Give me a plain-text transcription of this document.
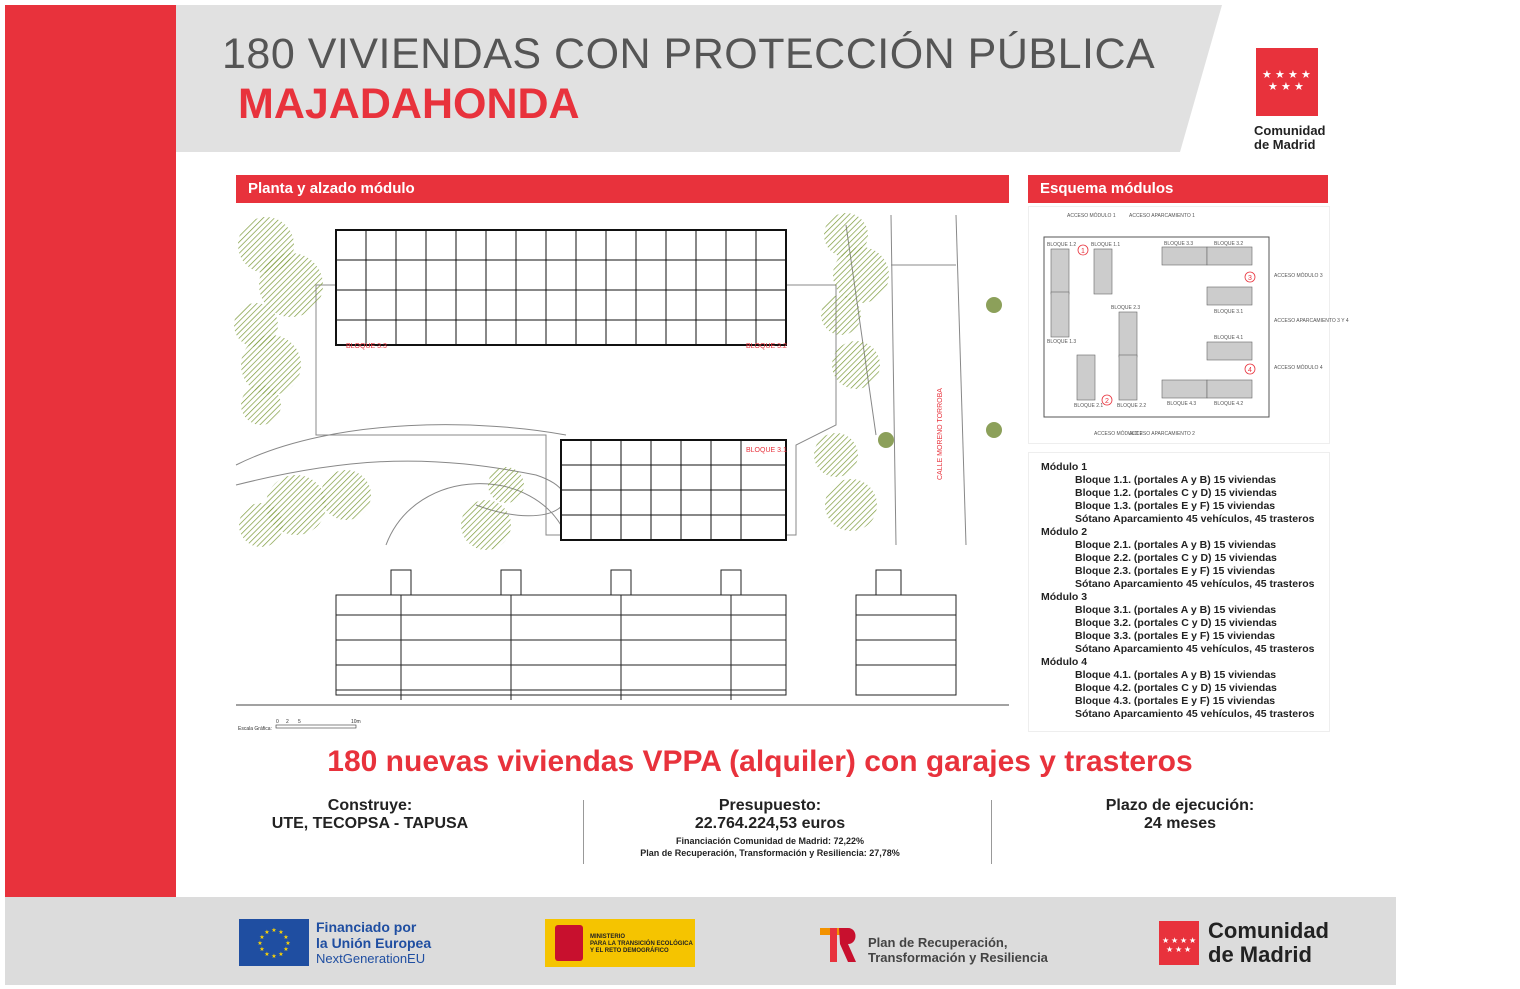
180 VIVIENDAS CON PROTECCIÓN PÚBLICA
MAJADAHONDA
★ ★ ★ ★
★ ★ ★
Comunidad
de Madrid
Planta y alzado módulo	Esquema módulos
BLOQUE 3.3	BLOQUE 3.2
BLOQUE 3.1	CALLE MORENO TORROBA
Escala Gráfica:
0 2 5	10m
BLOQUE 1.2	BLOQUE 1.1
BLOQUE 1.3
BLOQUE 2.3
BLOQUE 2.1	BLOQUE 2.2
BLOQUE 3.3	BLOQUE 3.2
BLOQUE 3.1
BLOQUE 4.1
BLOQUE 4.3	BLOQUE 4.2
ACCESO MÓDULO 1	ACCESO APARCAMIENTO 1
ACCESO MÓDULO 3
ACCESO APARCAMIENTO 3 Y 4
ACCESO MÓDULO 4
ACCESO MÓDULO 2
ACCESO APARCAMIENTO 2
1
2
3
4
Módulo 1
Bloque 1.1. (portales A y B) 15 viviendas
Bloque 1.2. (portales C y D) 15 viviendas
Bloque 1.3. (portales E y F) 15 viviendas
Sótano Aparcamiento 45 vehículos, 45 trasteros
Módulo 2
Bloque 2.1. (portales A y B) 15 viviendas
Bloque 2.2. (portales C y D) 15 viviendas
Bloque 2.3. (portales E y F) 15 viviendas
Sótano Aparcamiento 45 vehículos, 45 trasteros
Módulo 3
Bloque 3.1. (portales A y B) 15 viviendas
Bloque 3.2. (portales C y D) 15 viviendas
Bloque 3.3. (portales E y F) 15 viviendas
Sótano Aparcamiento 45 vehículos, 45 trasteros
Módulo 4
Bloque 4.1. (portales A y B) 15 viviendas
Bloque 4.2. (portales C y D) 15 viviendas
Bloque 4.3. (portales E y F) 15 viviendas
Sótano Aparcamiento 45 vehículos, 45 trasteros
180 nuevas viviendas VPPA (alquiler) con garajes y trasteros
Construye:
UTE, TECOPSA - TAPUSA
Presupuesto:
22.764.224,53 euros
Financiación Comunidad de Madrid: 72,22%
Plan de Recuperación, Transformación y Resiliencia: 27,78%
Plazo de ejecución:
24 meses
★ ★
★
★
★
★
★
★
★
★
★
★	Financiado por
la Unión Europea
NextGenerationEU
MINISTERIO
PARA LA TRANSICIÓN ECOLÓGICA
Y EL RETO DEMOGRÁFICO
Plan de Recuperación,
Transformación y Resiliencia
★ ★ ★ ★
★ ★ ★
Comunidad
de Madrid
